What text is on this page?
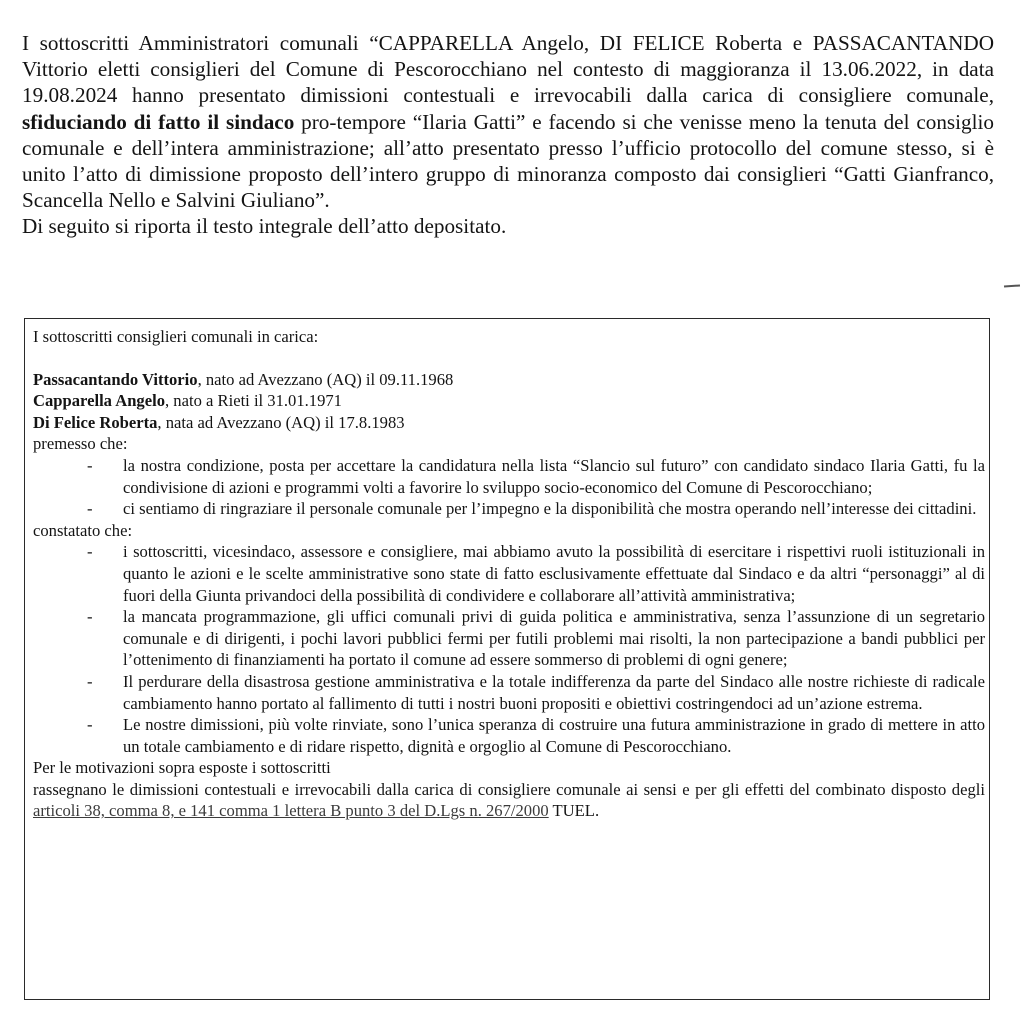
I sottoscritti Amministratori comunali “CAPPARELLA Angelo, DI FELICE Roberta e PASSACANTANDO Vittorio eletti consiglieri del Comune di Pescorocchiano nel contesto di maggioranza il 13.06.2022, in data 19.08.2024 hanno presentato dimissioni contestuali e irrevocabili dalla carica di consigliere comunale, sfiduciando di fatto il sindaco pro-tempore “Ilaria Gatti” e facendo si che venisse meno la tenuta del consiglio comunale e dell’intera amministrazione; all’atto presentato presso l’ufficio protocollo del comune stesso, si è unito l’atto di dimissione proposto dell’intero gruppo di minoranza composto dai consiglieri “Gatti Gianfranco, Scancella Nello e Salvini Giuliano”.

Di seguito si riporta il testo integrale dell’atto depositato.

I sottoscritti consiglieri comunali in carica:

Passacantando Vittorio, nato ad Avezzano (AQ) il 09.11.1968

Capparella Angelo, nato a Rieti il 31.01.1971

Di Felice Roberta, nata ad Avezzano (AQ) il 17.8.1983

premesso che:

- la nostra condizione, posta per accettare la candidatura nella lista “Slancio sul futuro” con candidato sindaco Ilaria Gatti, fu la condivisione di azioni e programmi volti a favorire lo sviluppo socio-economico del Comune di Pescorocchiano;
- ci sentiamo di ringraziare il personale comunale per l’impegno e la disponibilità che mostra operando nell’interesse dei cittadini.

constatato che:

- i sottoscritti, vicesindaco, assessore e consigliere, mai abbiamo avuto la possibilità di esercitare i rispettivi ruoli istituzionali in quanto le azioni e le scelte amministrative sono state di fatto esclusivamente effettuate dal Sindaco e da altri “personaggi” al di fuori della Giunta privandoci della possibilità di condividere e collaborare all’attività amministrativa;
- la mancata programmazione, gli uffici comunali privi di guida politica e amministrativa, senza l’assunzione di un segretario comunale e di dirigenti, i pochi lavori pubblici fermi per futili problemi mai risolti, la non partecipazione a bandi pubblici per l’ottenimento di finanziamenti ha portato il comune ad essere sommerso di problemi di ogni genere;
- Il perdurare della disastrosa gestione amministrativa e la totale indifferenza da parte del Sindaco alle nostre richieste di radicale cambiamento hanno portato al fallimento di tutti i nostri buoni propositi e obiettivi costringendoci ad un’azione estrema.
- Le nostre dimissioni, più volte rinviate, sono l’unica speranza di costruire una futura amministrazione in grado di mettere in atto un totale cambiamento e di ridare rispetto, dignità e orgoglio al Comune di Pescorocchiano.

Per le motivazioni sopra esposte i sottoscritti

rassegnano le dimissioni contestuali e irrevocabili dalla carica di consigliere comunale ai sensi e per gli effetti del combinato disposto degli articoli 38, comma 8, e 141 comma 1 lettera B punto 3 del D.Lgs n. 267/2000 TUEL.
